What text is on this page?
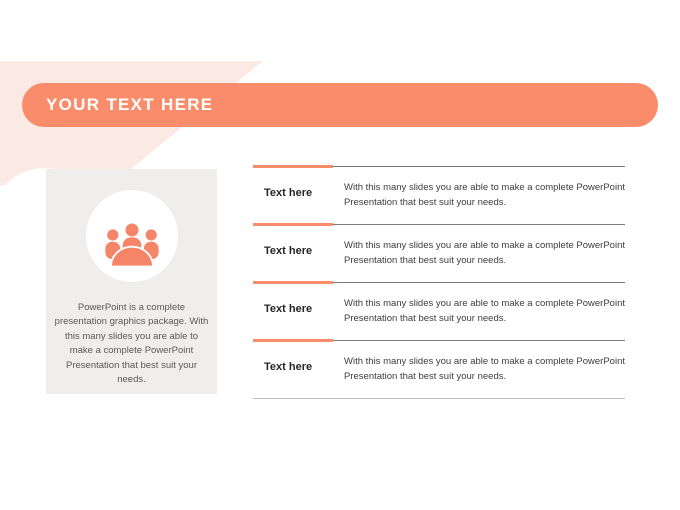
YOUR TEXT HERE

PowerPoint is a complete presentation graphics package. With this many slides you are able to make a complete PowerPoint Presentation that best suit your needs.

Text here	With this many slides you are able to make a complete PowerPoint Presentation that best suit your needs.

Text here	With this many slides you are able to make a complete PowerPoint Presentation that best suit your needs.

Text here	With this many slides you are able to make a complete PowerPoint Presentation that best suit your needs.

Text here	With this many slides you are able to make a complete PowerPoint Presentation that best suit your needs.
